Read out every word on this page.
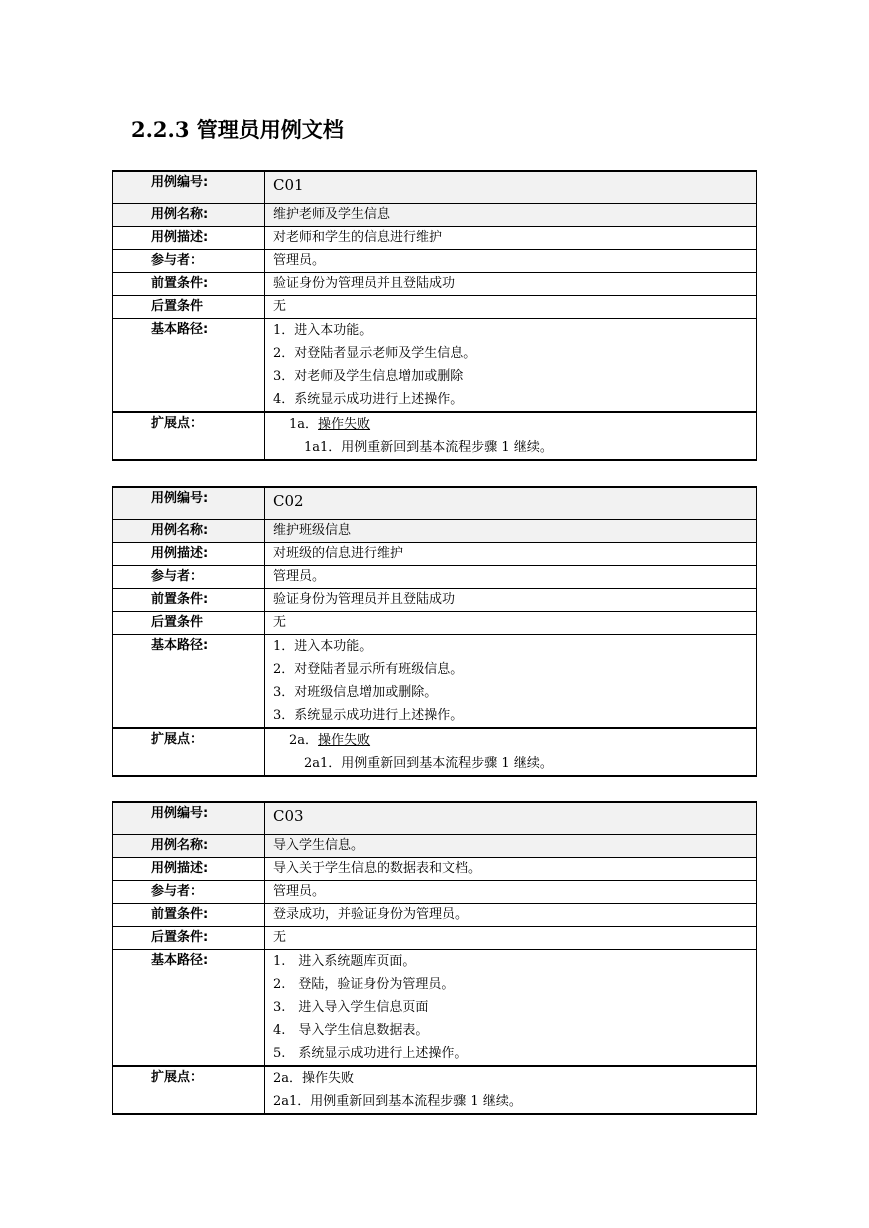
2.2.3 管理员用例文档
用例编号:	C01
用例名称:	维护老师及学生信息
用例描述:	对老师和学生的信息进行维护
参与者：	管理员。
前置条件:	验证身份为管理员并且登陆成功
后置条件	无
基本路径:	1．进入本功能。
2．对登陆者显示老师及学生信息。
3．对老师及学生信息增加或删除
4．系统显示成功进行上述操作。

扩展点：	1a．操作失败
1a1．用例重新回到基本流程步骤 1 继续。
用例编号:	C02
用例名称:	维护班级信息
用例描述:	对班级的信息进行维护
参与者：	管理员。
前置条件:	验证身份为管理员并且登陆成功
后置条件	无
基本路径:	1．进入本功能。
2．对登陆者显示所有班级信息。
3．对班级信息增加或删除。
3．系统显示成功进行上述操作。

扩展点：	2a．操作失败
2a1．用例重新回到基本流程步骤 1 继续。
用例编号:	C03
用例名称:	导入学生信息。
用例描述:	导入关于学生信息的数据表和文档。
参与者：	管理员。
前置条件:	登录成功，并验证身份为管理员。
后置条件:	无
基本路径:	1.　进入系统题库页面。
2.　登陆，验证身份为管理员。
3.　进入导入学生信息页面
4.　导入学生信息数据表。
5.　系统显示成功进行上述操作。

扩展点：	2a．操作失败
2a1．用例重新回到基本流程步骤 1 继续。
